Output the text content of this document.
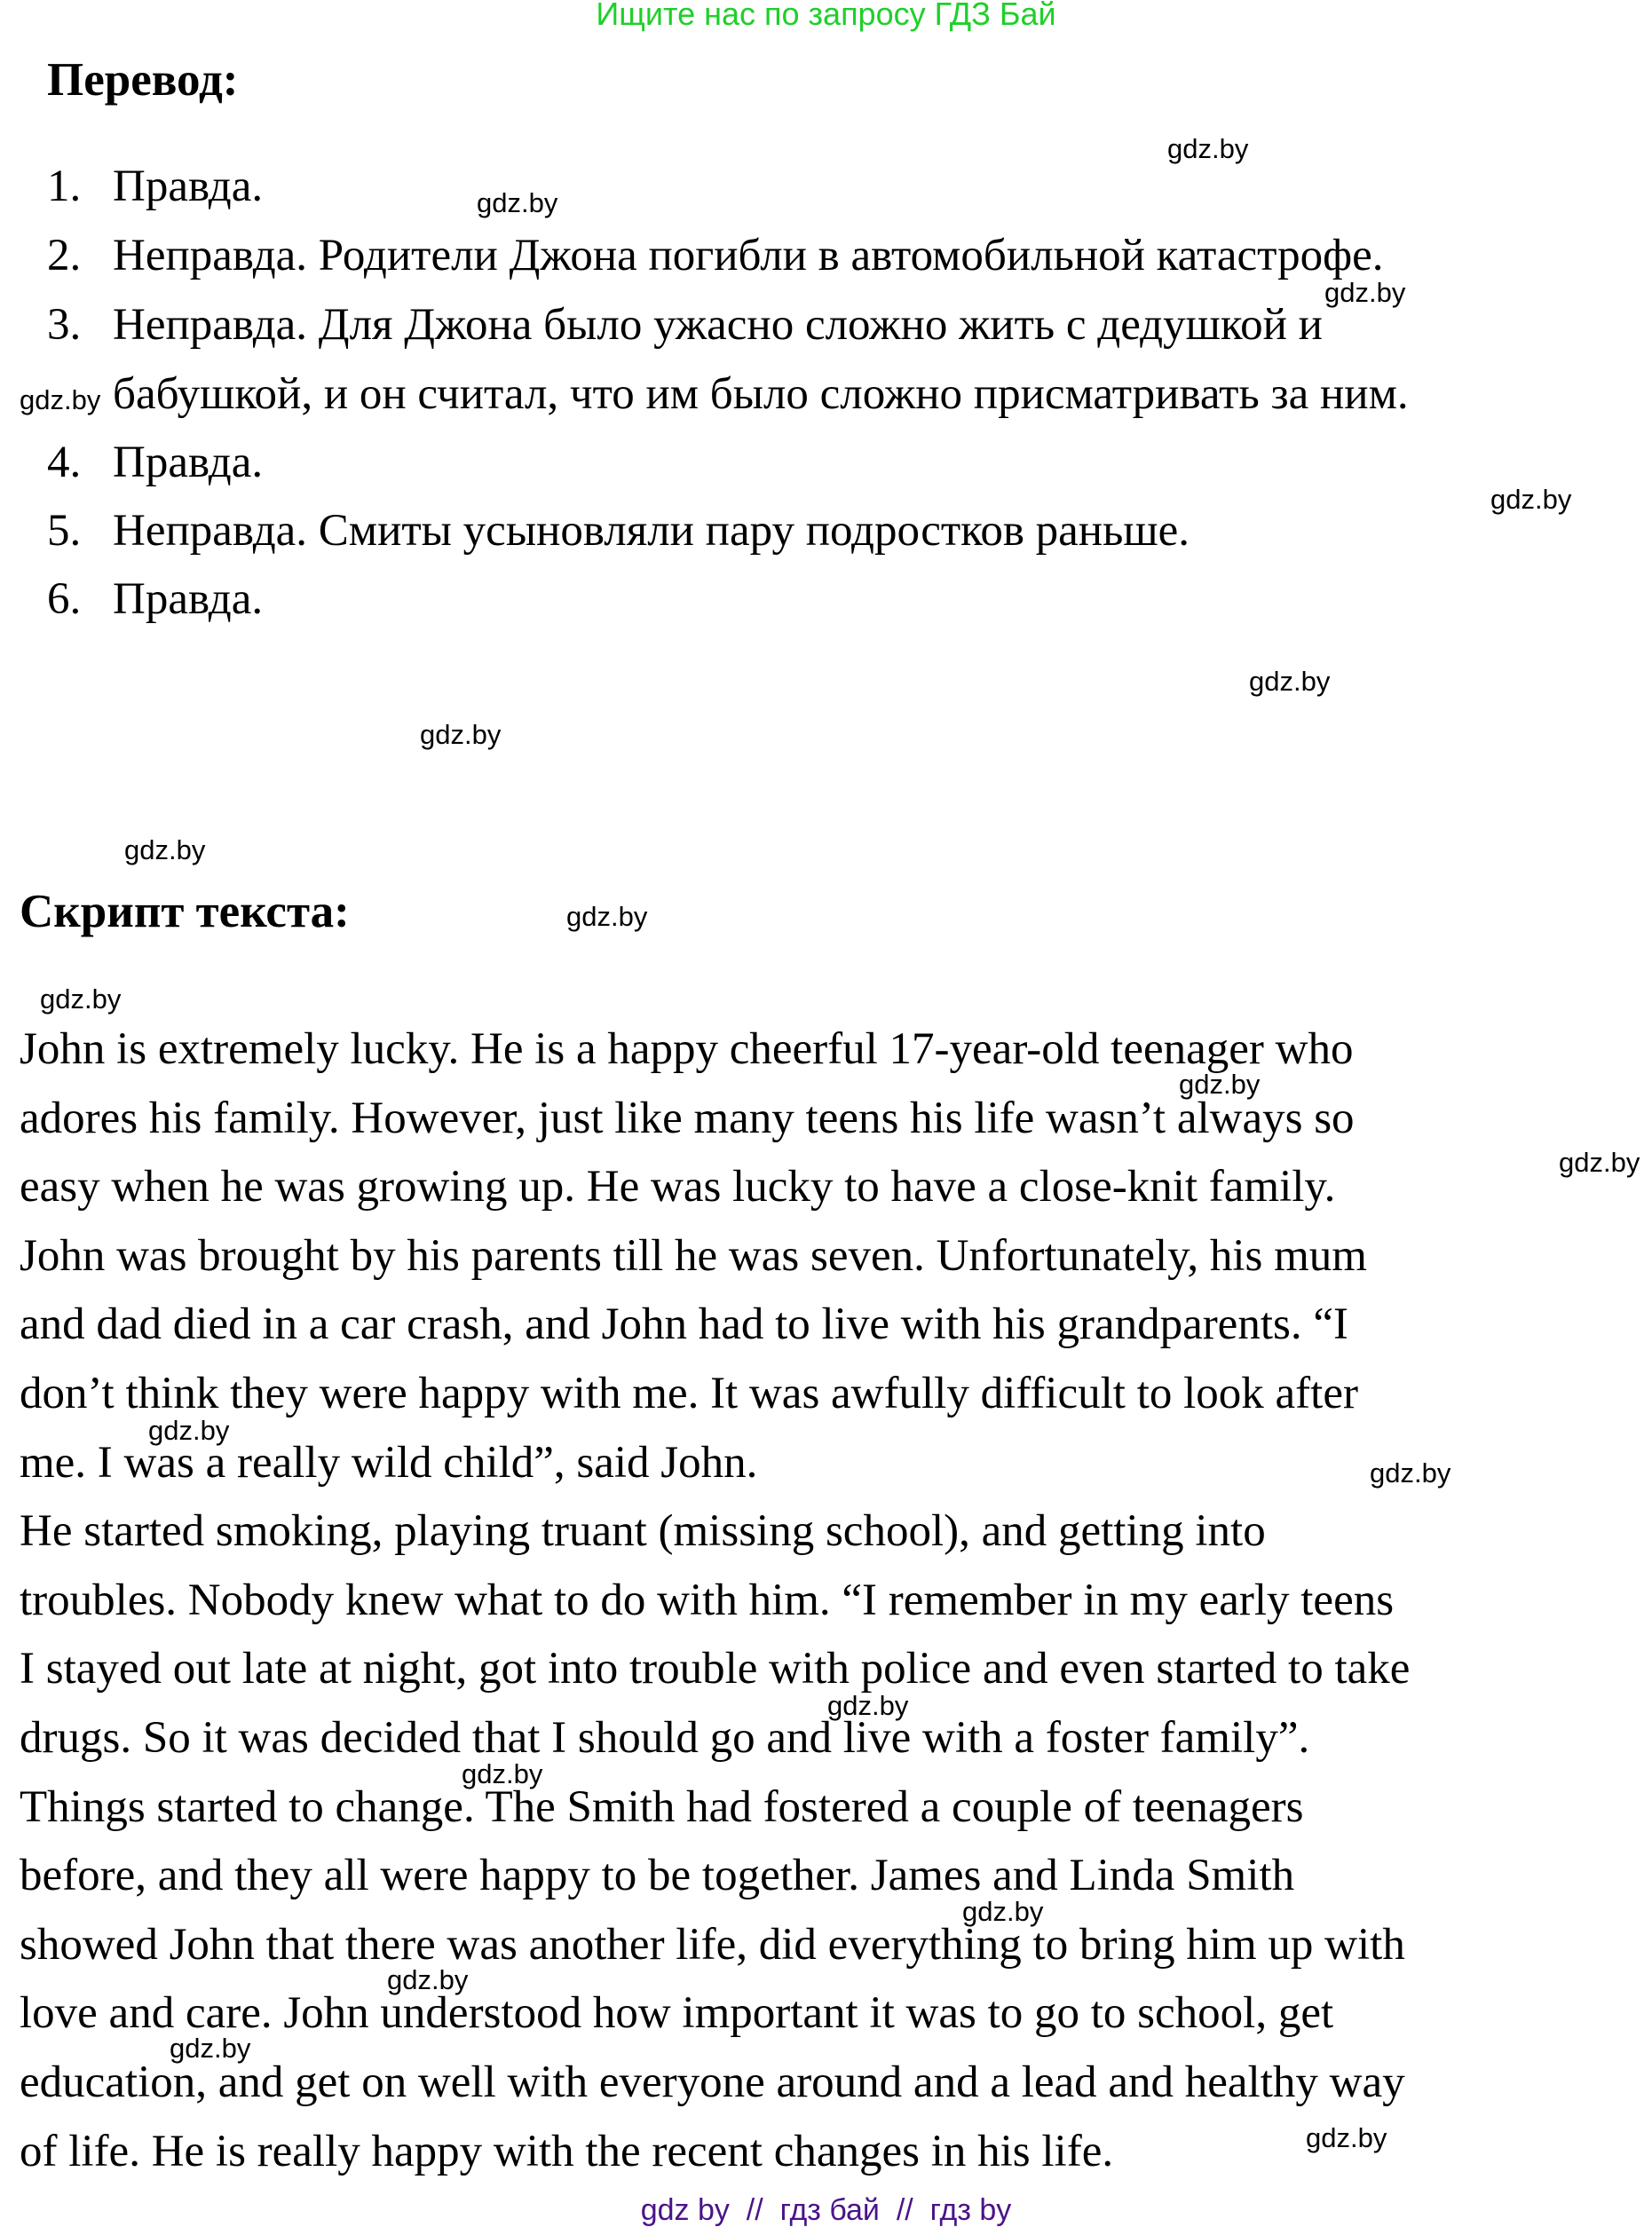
Ищите нас по запросу ГДЗ Бай
Перевод:
1. Правда.
2. Неправда. Родители Джона погибли в автомобильной катастрофе.
3. Неправда. Для Джона было ужасно сложно жить с дедушкой и
бабушкой, и он считал, что им было сложно присматривать за ним.
4. Правда.
5. Неправда. Смиты усыновляли пару подростков раньше.
6. Правда.
Скрипт текста:
John is extremely lucky. He is a happy cheerful 17-year-old teenager who
adores his family. However, just like many teens his life wasn’t always so
easy when he was growing up. He was lucky to have a close-knit family.
John was brought by his parents till he was seven. Unfortunately, his mum
and dad died in a car crash, and John had to live with his grandparents. “I
don’t think they were happy with me. It was awfully difficult to look after
me. I was a really wild child”, said John.
He started smoking, playing truant (missing school), and getting into
troubles. Nobody knew what to do with him. “I remember in my early teens
I stayed out late at night, got into trouble with police and even started to take
drugs. So it was decided that I should go and live with a foster family”.
Things started to change. The Smith had fostered a couple of teenagers
before, and they all were happy to be together. James and Linda Smith
showed John that there was another life, did everything to bring him up with
love and care. John understood how important it was to go to school, get
education, and get on well with everyone around and a lead and healthy way
of life. He is really happy with the recent changes in his life.
gdz.by
gdz.by
gdz.by
gdz.by
gdz.by
gdz.by
gdz.by
gdz.by
gdz.by
gdz.by
gdz.by
gdz.by
gdz.by
gdz.by
gdz.by
gdz.by
gdz.by
gdz.by
gdz.by
gdz.by
gdz by  //  гдз бай  //  гдз by
